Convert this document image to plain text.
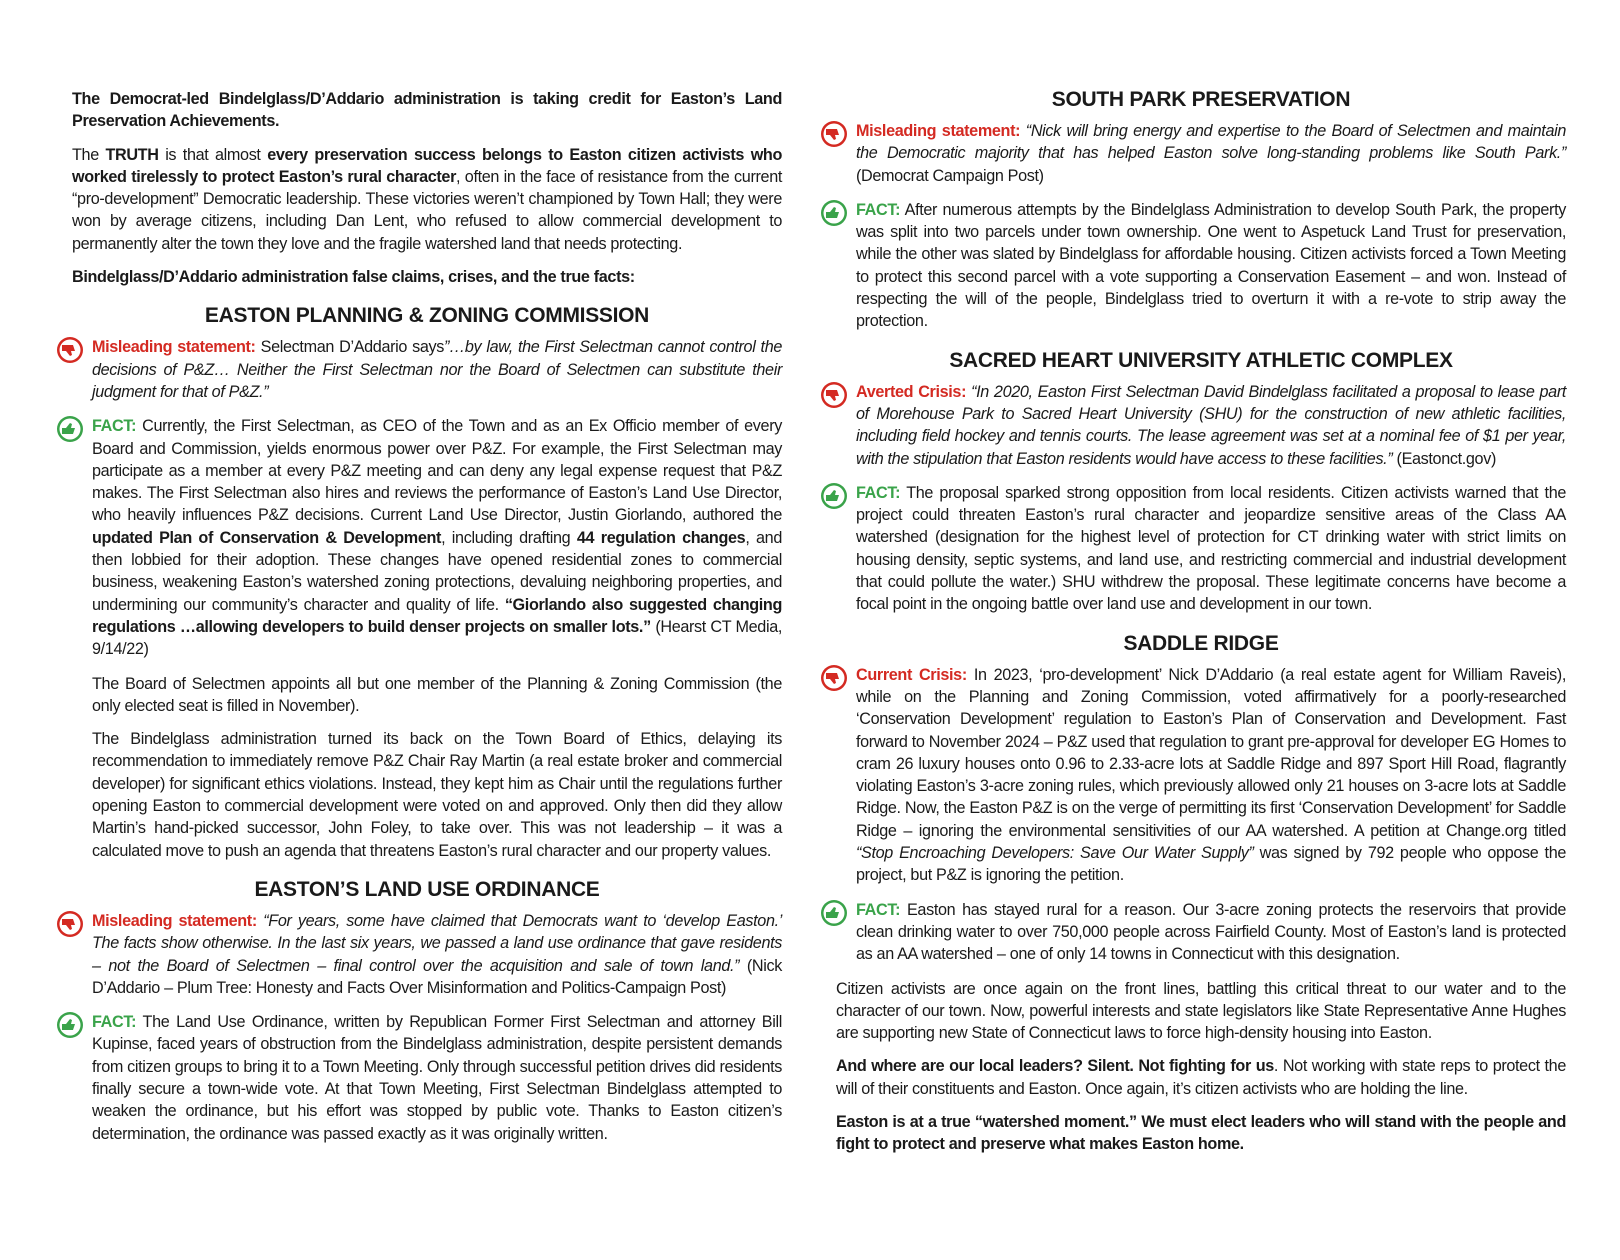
The Democrat-led Bindelglass/D’Addario administration is taking credit for Easton’s Land Preservation Achievements.

The TRUTH is that almost every preservation success belongs to Easton citizen activists who worked tirelessly to protect Easton’s rural character, often in the face of resistance from the current “pro-development” Democratic leadership. These victories weren’t championed by Town Hall; they were won by average citizens, including Dan Lent, who refused to allow commercial development to permanently alter the town they love and the fragile watershed land that needs protecting.

Bindelglass/D’Addario administration false claims, crises, and the true facts:

EASTON PLANNING & ZONING COMMISSION

Misleading statement: Selectman D’Addario says”…by law, the First Selectman cannot control the decisions of P&Z… Neither the First Selectman nor the Board of Selectmen can substitute their judgment for that of P&Z.”

FACT: Currently, the First Selectman, as CEO of the Town and as an Ex Officio member of every Board and Commission, yields enormous power over P&Z. For example, the First Selectman may participate as a member at every P&Z meeting and can deny any legal expense request that P&Z makes. The First Selectman also hires and reviews the performance of Easton’s Land Use Director, who heavily influences P&Z decisions. Current Land Use Director, Justin Giorlando, authored the updated Plan of Conservation & Development, including drafting 44 regulation changes, and then lobbied for their adoption. These changes have opened residential zones to commercial business, weakening Easton’s watershed zoning protections, devaluing neighboring properties, and undermining our community’s character and quality of life. “Giorlando also suggested changing regulations …allowing developers to build denser projects on smaller lots.” (Hearst CT Media, 9/14/22)

The Board of Selectmen appoints all but one member of the Planning & Zoning Commission (the only elected seat is filled in November).

The Bindelglass administration turned its back on the Town Board of Ethics, delaying its recommendation to immediately remove P&Z Chair Ray Martin (a real estate broker and commercial developer) for significant ethics violations. Instead, they kept him as Chair until the regulations further opening Easton to commercial development were voted on and approved. Only then did they allow Martin’s hand-picked successor, John Foley, to take over. This was not leadership – it was a calculated move to push an agenda that threatens Easton’s rural character and our property values.

EASTON’S LAND USE ORDINANCE

Misleading statement: “For years, some have claimed that Democrats want to ‘develop Easton.’ The facts show otherwise. In the last six years, we passed a land use ordinance that gave residents – not the Board of Selectmen – final control over the acquisition and sale of town land.” (Nick D’Addario – Plum Tree: Honesty and Facts Over Misinformation and Politics-Campaign Post)

FACT: The Land Use Ordinance, written by Republican Former First Selectman and attorney Bill Kupinse, faced years of obstruction from the Bindelglass administration, despite persistent demands from citizen groups to bring it to a Town Meeting. Only through successful petition drives did residents finally secure a town-wide vote. At that Town Meeting, First Selectman Bindelglass attempted to weaken the ordinance, but his effort was stopped by public vote. Thanks to Easton citizen’s determination, the ordinance was passed exactly as it was originally written.

SOUTH PARK PRESERVATION

Misleading statement: “Nick will bring energy and expertise to the Board of Selectmen and maintain the Democratic majority that has helped Easton solve long-standing problems like South Park.” (Democrat Campaign Post)

FACT: After numerous attempts by the Bindelglass Administration to develop South Park, the property was split into two parcels under town ownership. One went to Aspetuck Land Trust for preservation, while the other was slated by Bindelglass for affordable housing. Citizen activists forced a Town Meeting to protect this second parcel with a vote supporting a Conservation Easement – and won. Instead of respecting the will of the people, Bindelglass tried to overturn it with a re-vote to strip away the protection.

SACRED HEART UNIVERSITY ATHLETIC COMPLEX

Averted Crisis: “In 2020, Easton First Selectman David Bindelglass facilitated a proposal to lease part of Morehouse Park to Sacred Heart University (SHU) for the construction of new athletic facilities, including field hockey and tennis courts. The lease agreement was set at a nominal fee of $1 per year, with the stipulation that Easton residents would have access to these facilities.” (Eastonct.gov)

FACT: The proposal sparked strong opposition from local residents. Citizen activists warned that the project could threaten Easton’s rural character and jeopardize sensitive areas of the Class AA watershed (designation for the highest level of protection for CT drinking water with strict limits on housing density, septic systems, and land use, and restricting commercial and industrial development that could pollute the water.) SHU withdrew the proposal. These legitimate concerns have become a focal point in the ongoing battle over land use and development in our town.

SADDLE RIDGE

Current Crisis: In 2023, ‘pro-development’ Nick D’Addario (a real estate agent for William Raveis), while on the Planning and Zoning Commission, voted affirmatively for a poorly-researched ‘Conservation Development’ regulation to Easton’s Plan of Conservation and Development. Fast forward to November 2024 – P&Z used that regulation to grant pre-approval for developer EG Homes to cram 26 luxury houses onto 0.96 to 2.33-acre lots at Saddle Ridge and 897 Sport Hill Road, flagrantly violating Easton’s 3-acre zoning rules, which previously allowed only 21 houses on 3-acre lots at Saddle Ridge. Now, the Easton P&Z is on the verge of permitting its first ‘Conservation Development’ for Saddle Ridge – ignoring the environmental sensitivities of our AA watershed. A petition at Change.org titled “Stop Encroaching Developers: Save Our Water Supply” was signed by 792 people who oppose the project, but P&Z is ignoring the petition.

FACT: Easton has stayed rural for a reason. Our 3-acre zoning protects the reservoirs that provide clean drinking water to over 750,000 people across Fairfield County. Most of Easton’s land is protected as an AA watershed – one of only 14 towns in Connecticut with this designation.

Citizen activists are once again on the front lines, battling this critical threat to our water and to the character of our town. Now, powerful interests and state legislators like State Representative Anne Hughes are supporting new State of Connecticut laws to force high-density housing into Easton.

And where are our local leaders? Silent. Not fighting for us. Not working with state reps to protect the will of their constituents and Easton. Once again, it’s citizen activists who are holding the line.

Easton is at a true “watershed moment.” We must elect leaders who will stand with the people and fight to protect and preserve what makes Easton home.
